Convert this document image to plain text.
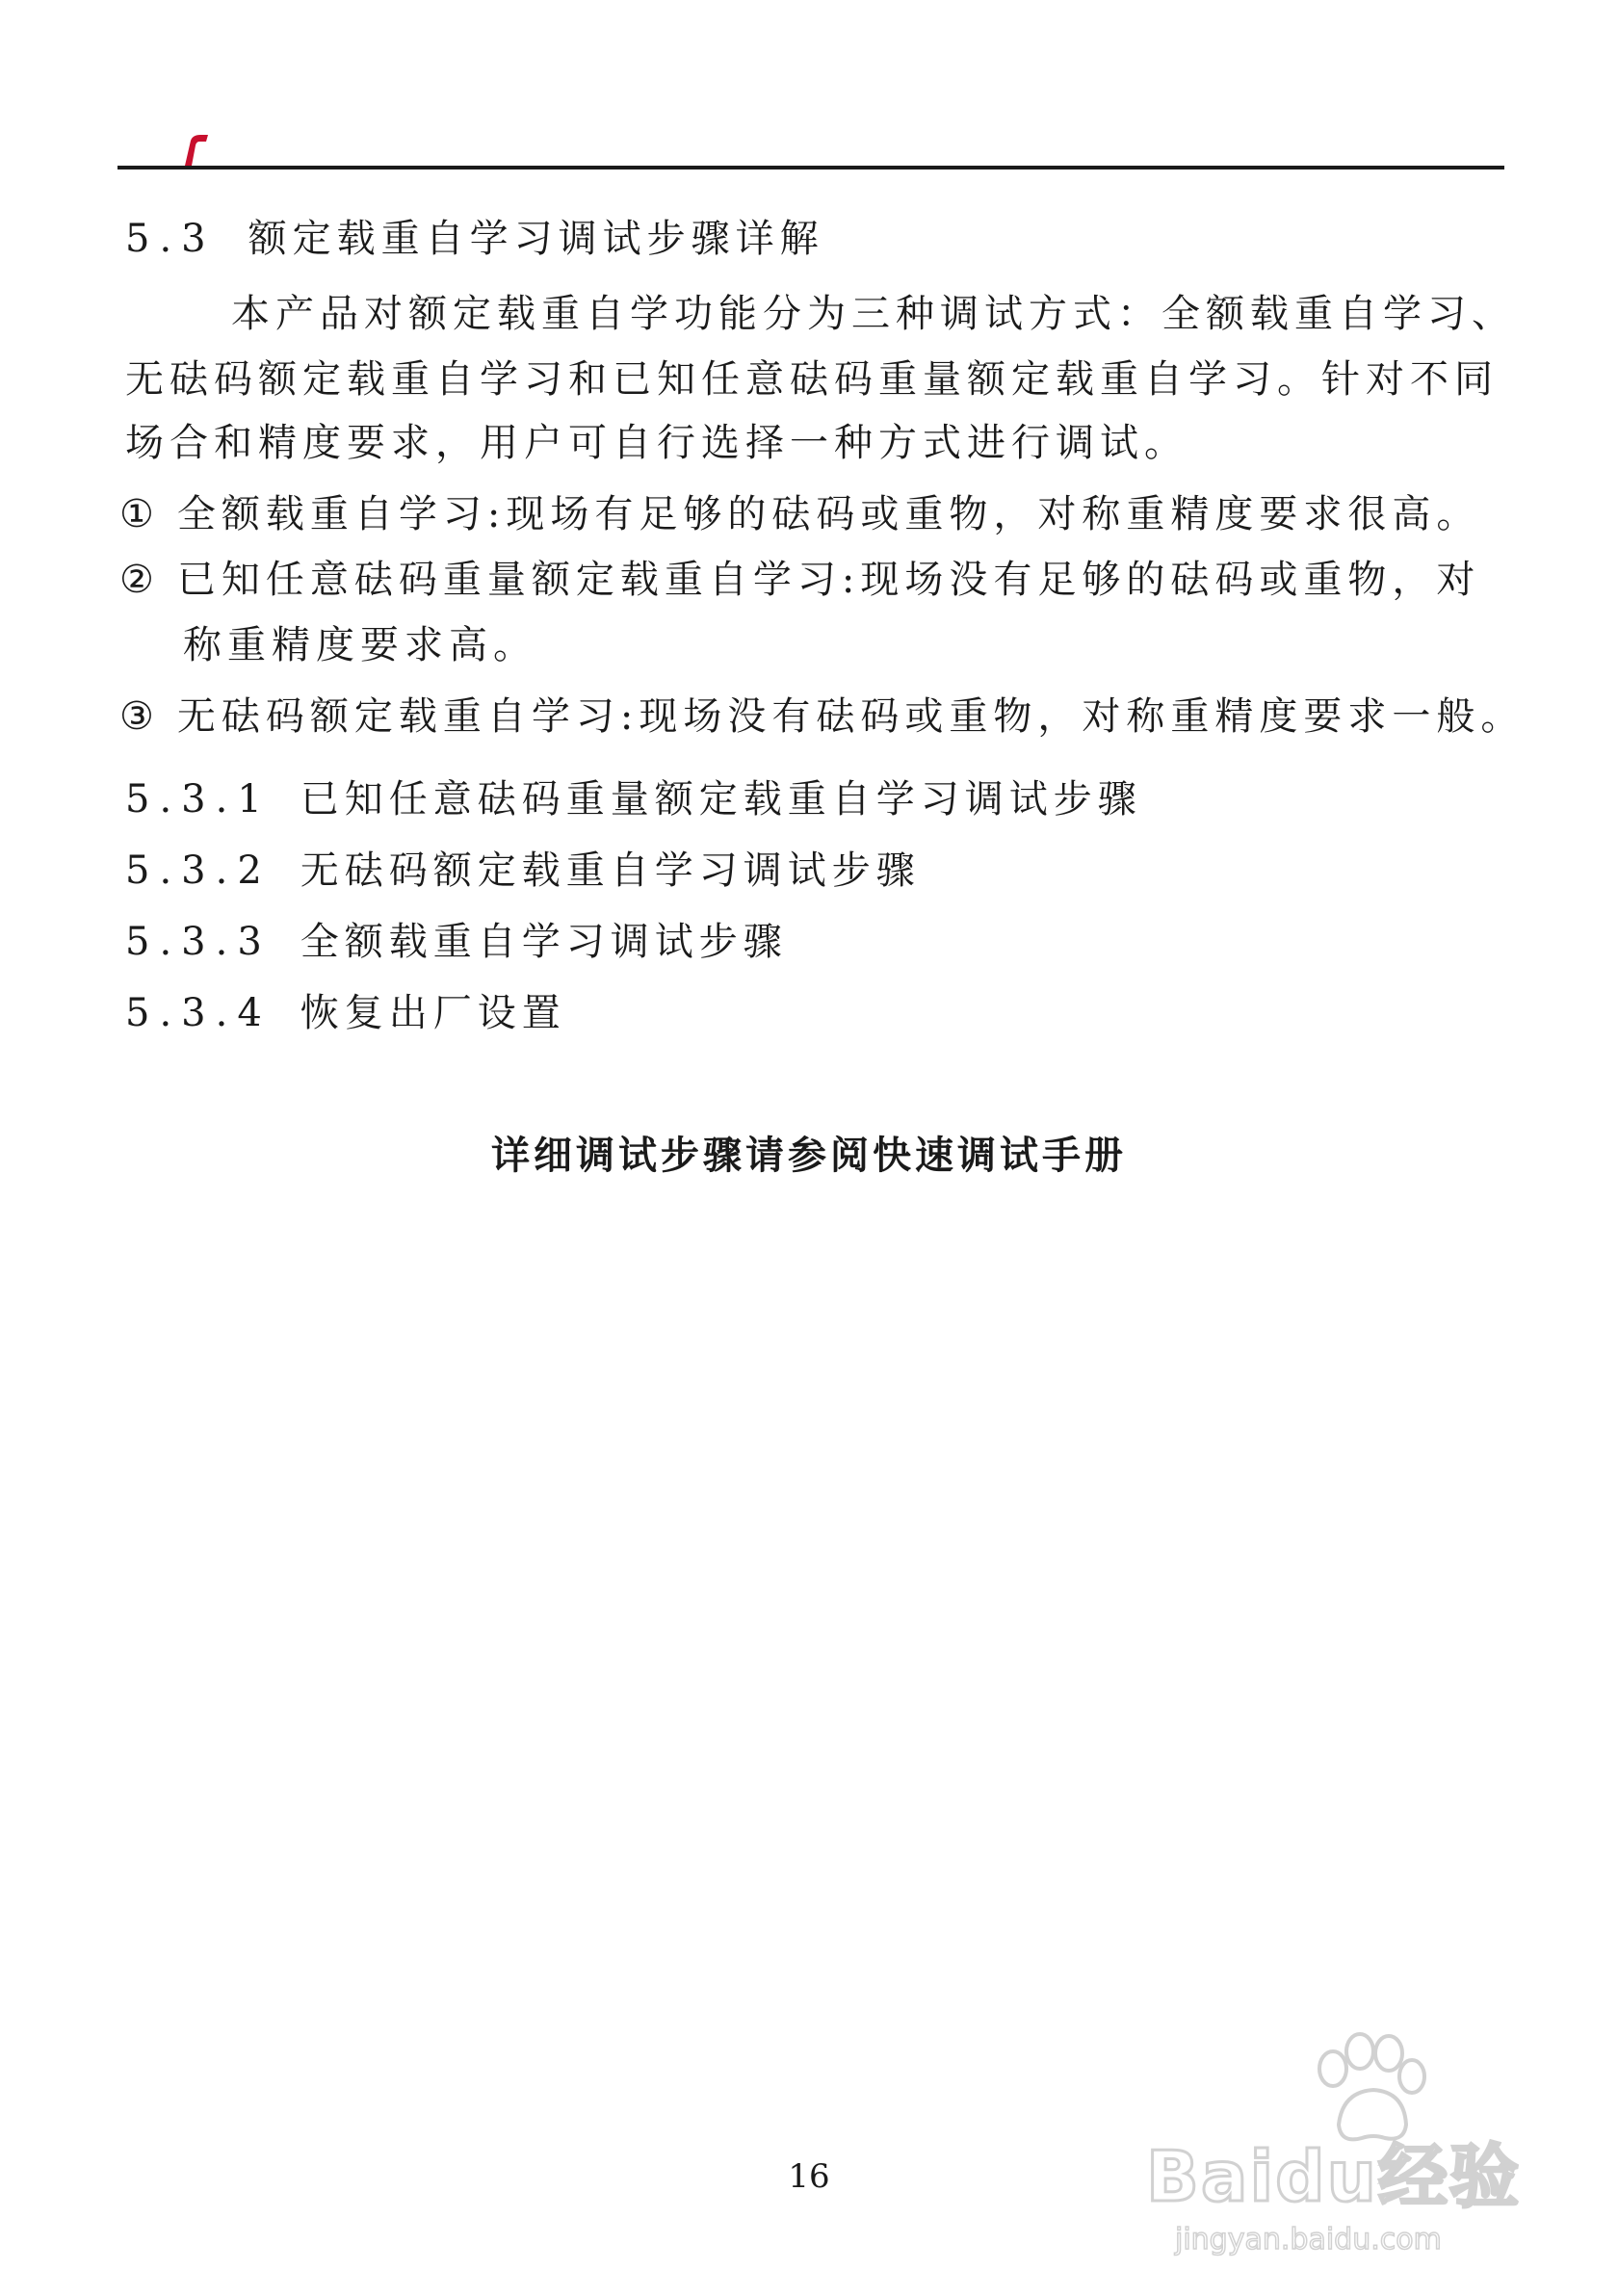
5.3 额定载重自学习调试步骤详解
本产品对额定载重自学功能分为三种调试方式：全额载重自学习、
无砝码额定载重自学习和已知任意砝码重量额定载重自学习。针对不同
场合和精度要求，用户可自行选择一种方式进行调试。
① 全额载重自学习:现场有足够的砝码或重物，对称重精度要求很高。
② 已知任意砝码重量额定载重自学习:现场没有足够的砝码或重物，对
称重精度要求高。
③ 无砝码额定载重自学习:现场没有砝码或重物，对称重精度要求一般。
5.3.1 已知任意砝码重量额定载重自学习调试步骤
5.3.2 无砝码额定载重自学习调试步骤
5.3.3 全额载重自学习调试步骤
5.3.4 恢复出厂设置
详细调试步骤请参阅快速调试手册
16	Baidu经验
jingyan.baidu.com
